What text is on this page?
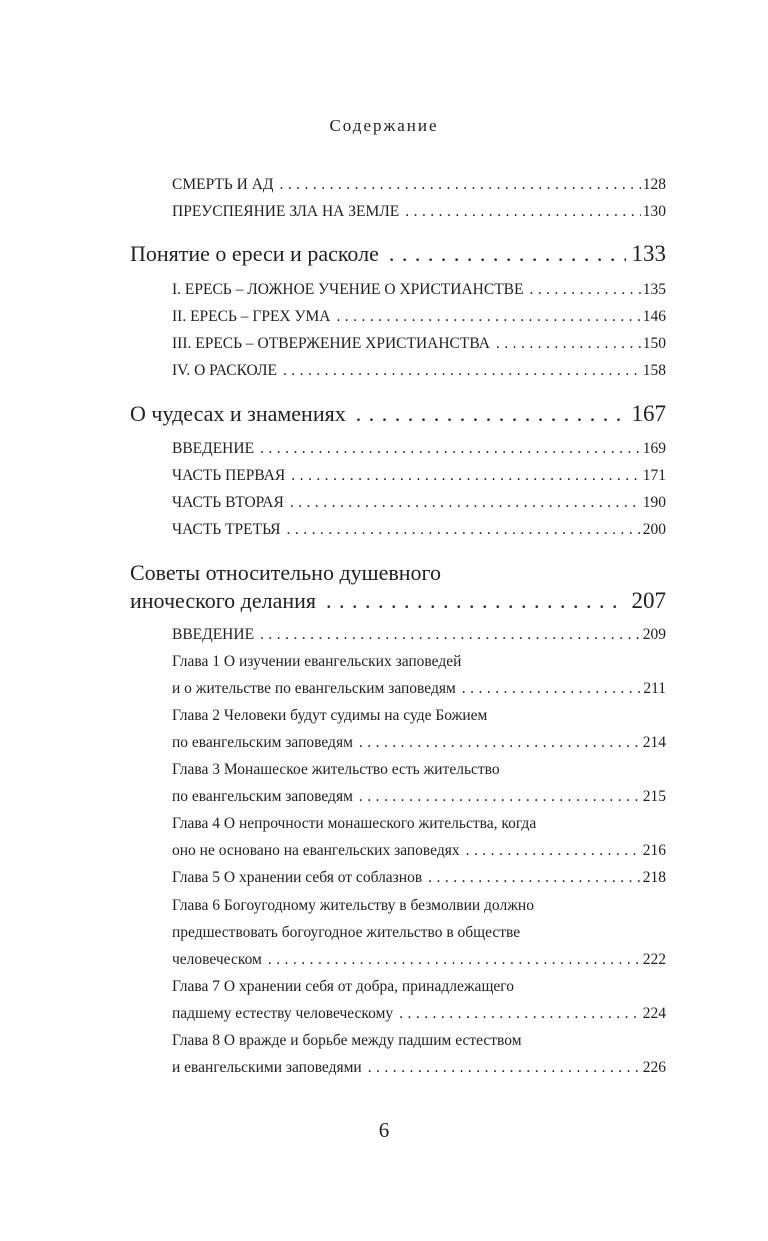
Содержание
СМЕРТЬ И АД . . .	128
ПРЕУСПЕЯНИЕ ЗЛА НА ЗЕМЛЕ . . .	130
Понятие о ереси и расколе . . .	133
I. ЕРЕСЬ – ЛОЖНОЕ УЧЕНИЕ О ХРИСТИАНСТВЕ . . .	135
II. ЕРЕСЬ – ГРЕХ УМА . . .	146
III. ЕРЕСЬ – ОТВЕРЖЕНИЕ ХРИСТИАНСТВА . . .	150
IV. О РАСКОЛЕ . . .	158
О чудесах и знамениях . . .	167
ВВЕДЕНИЕ . . .	169
ЧАСТЬ ПЕРВАЯ . . .	171
ЧАСТЬ ВТОРАЯ . . .	190
ЧАСТЬ ТРЕТЬЯ . . .	200
Советы относительно душевного
иноческого делания . . .	207
ВВЕДЕНИЕ . . .	209
Глава 1 О изучении евангельских заповедей
и о жительстве по евангельским заповедям . . .	211
Глава 2 Человеки будут судимы на суде Божием
по евангельским заповедям . . .	214
Глава 3 Монашеское жительство есть жительство
по евангельским заповедям . . .	215
Глава 4 О непрочности монашеского жительства, когда
оно не основано на евангельских заповедях . . .	216
Глава 5 О хранении себя от соблазнов . . .	218
Глава 6 Богоугодному жительству в безмолвии должно
предшествовать богоугодное жительство в обществе
человеческом . . .	222
Глава 7 О хранении себя от добра, принадлежащего
падшему естеству человеческому . . .	224
Глава 8 О вражде и борьбе между падшим естеством
и евангельскими заповедями . . .	226
6
